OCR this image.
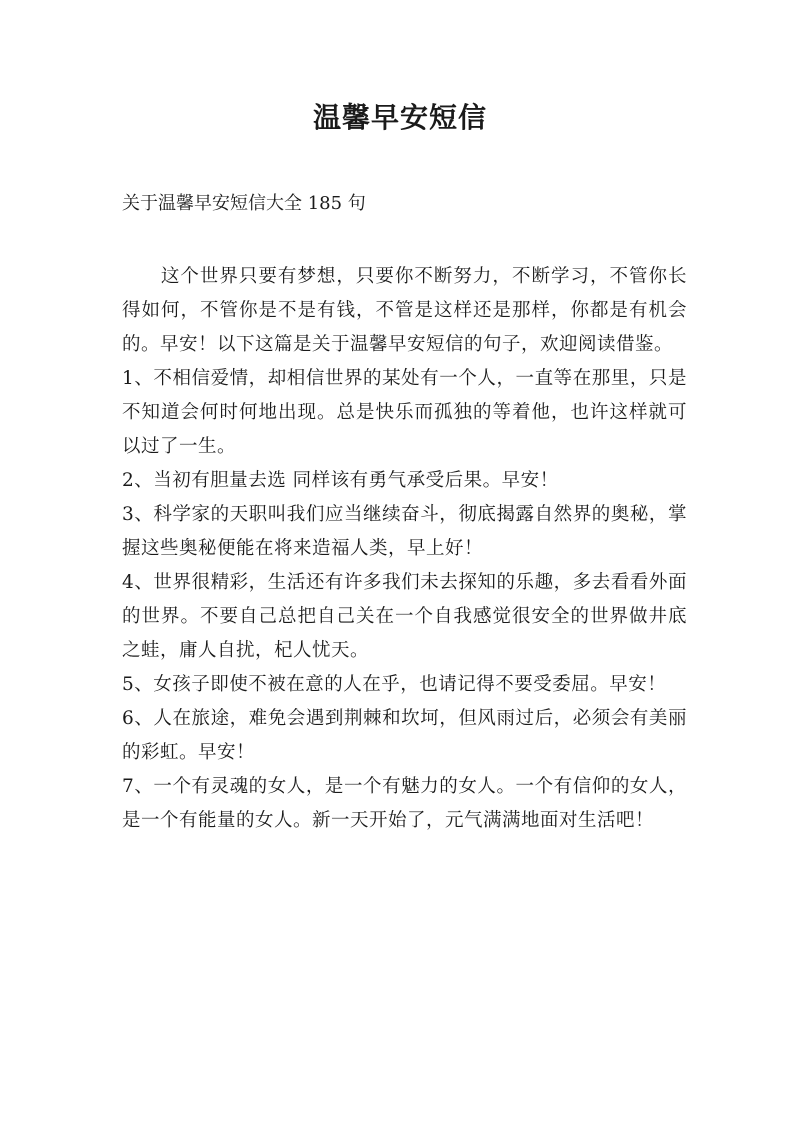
温馨早安短信

关于温馨早安短信大全 185 句

这个世界只要有梦想，只要你不断努力，不断学习，不管你长得如何，不管你是不是有钱，不管是这样还是那样，你都是有机会的。早安！以下这篇是关于温馨早安短信的句子，欢迎阅读借鉴。

1、不相信爱情，却相信世界的某处有一个人，一直等在那里，只是不知道会何时何地出现。总是快乐而孤独的等着他，也许这样就可以过了一生。

2、当初有胆量去选 同样该有勇气承受后果。早安！

3、科学家的天职叫我们应当继续奋斗，彻底揭露自然界的奥秘，掌握这些奥秘便能在将来造福人类，早上好！

4、世界很精彩，生活还有许多我们未去探知的乐趣，多去看看外面的世界。不要自己总把自己关在一个自我感觉很安全的世界做井底之蛙，庸人自扰，杞人忧天。

5、女孩子即使不被在意的人在乎，也请记得不要受委屈。早安！

6、人在旅途，难免会遇到荆棘和坎坷，但风雨过后，必须会有美丽的彩虹。早安！

7、一个有灵魂的女人，是一个有魅力的女人。一个有信仰的女人，是一个有能量的女人。新一天开始了，元气满满地面对生活吧！
